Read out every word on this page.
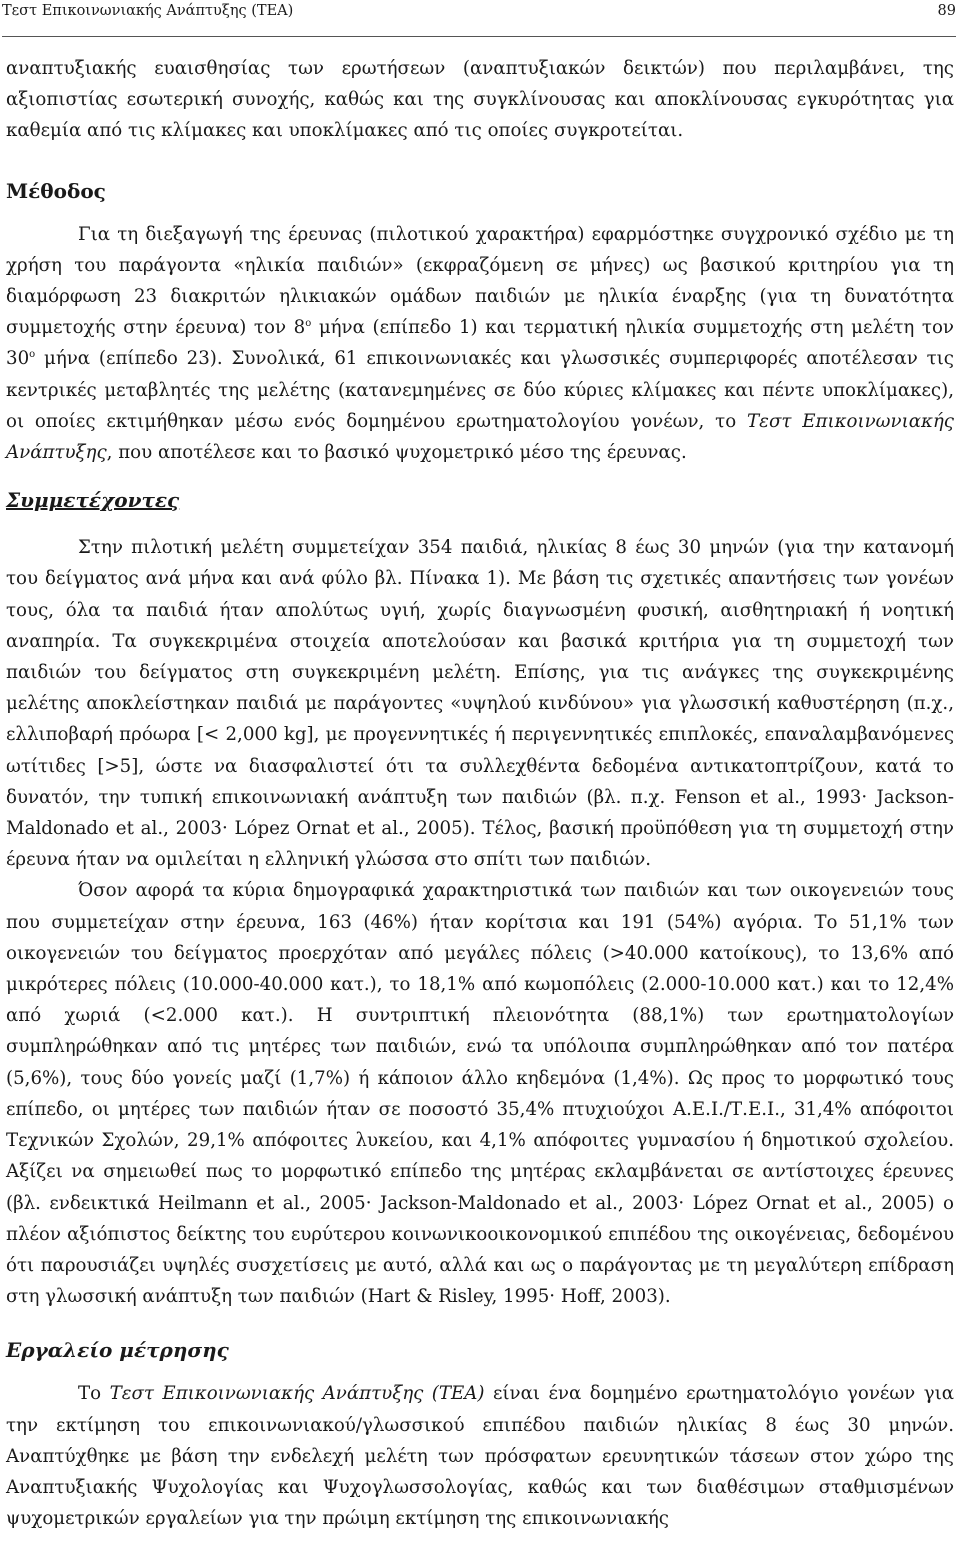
Τεστ Επικοινωνιακής Ανάπτυξης (ΤΕΑ)	89

αναπτυξιακής ευαισθησίας των ερωτήσεων (αναπτυξιακών δεικτών) που περιλαμβάνει, της αξιοπιστίας εσωτερική συνοχής, καθώς και της συγκλίνουσας και αποκλίνουσας εγκυρότητας για καθεμία από τις κλίμακες και υποκλίμακες από τις οποίες συγκροτείται.

Μέθοδος

Για τη διεξαγωγή της έρευνας (πιλοτικού χαρακτήρα) εφαρμόστηκε συγχρονικό σχέδιο με τη χρήση του παράγοντα «ηλικία παιδιών» (εκφραζόμενη σε μήνες) ως βασικού κριτηρίου για τη διαμόρφωση 23 διακριτών ηλικιακών ομάδων παιδιών με ηλικία έναρξης (για τη δυνατότητα συμμετοχής στην έρευνα) τον $8^o$ μήνα (επίπεδο 1) και τερματική ηλικία συμμετοχής στη μελέτη τον $30^o$ μήνα (επίπεδο 23). Συνολικά, 61 επικοινωνιακές και γλωσσικές συμπεριφορές αποτέλεσαν τις κεντρικές μεταβλητές της μελέτης (κατανεμημένες σε δύο κύριες κλίμακες και πέντε υποκλίμακες), οι οποίες εκτιμήθηκαν μέσω ενός δομημένου ερωτηματολογίου γονέων, το Τεστ Επικοινωνιακής Ανάπτυξης, που αποτέλεσε και το βασικό ψυχομετρικό μέσο της έρευνας.

Συμμετέχοντες

Στην πιλοτική μελέτη συμμετείχαν 354 παιδιά, ηλικίας 8 έως 30 μηνών (για την κατανομή του δείγματος ανά μήνα και ανά φύλο βλ. Πίνακα 1). Με βάση τις σχετικές απαντήσεις των γονέων τους, όλα τα παιδιά ήταν απολύτως υγιή, χωρίς διαγνωσμένη φυσική, αισθητηριακή ή νοητική αναπηρία. Τα συγκεκριμένα στοιχεία αποτελούσαν και βασικά κριτήρια για τη συμμετοχή των παιδιών του δείγματος στη συγκεκριμένη μελέτη. Επίσης, για τις ανάγκες της συγκεκριμένης μελέτης αποκλείστηκαν παιδιά με παράγοντες «υψηλού κινδύνου» για γλωσσική καθυστέρηση (π.χ., ελλιποβαρή πρόωρα [< 2,000 kg], με προγεννητικές ή περιγεννητικές επιπλοκές, επαναλαμβανόμενες ωτίτιδες [>5], ώστε να διασφαλιστεί ότι τα συλλεχθέντα δεδομένα αντικατοπτρίζουν, κατά το δυνατόν, την τυπική επικοινωνιακή ανάπτυξη των παιδιών (βλ. π.χ. Fenson et al., 1993· Jackson-Maldonado et al., 2003· López Ornat et al., 2005). Τέλος, βασική προϋπόθεση για τη συμμετοχή στην έρευνα ήταν να ομιλείται η ελληνική γλώσσα στο σπίτι των παιδιών.

Όσον αφορά τα κύρια δημογραφικά χαρακτηριστικά των παιδιών και των οικογενειών τους που συμμετείχαν στην έρευνα, 163 (46%) ήταν κορίτσια και 191 (54%) αγόρια. Το 51,1% των οικογενειών του δείγματος προερχόταν από μεγάλες πόλεις (>40.000 κατοίκους), το 13,6% από μικρότερες πόλεις (10.000-40.000 κατ.), το 18,1% από κωμοπόλεις (2.000-10.000 κατ.) και το 12,4% από χωριά (<2.000 κατ.). Η συντριπτική πλειονότητα (88,1%) των ερωτηματολογίων συμπληρώθηκαν από τις μητέρες των παιδιών, ενώ τα υπόλοιπα συμπληρώθηκαν από τον πατέρα (5,6%), τους δύο γονείς μαζί (1,7%) ή κάποιον άλλο κηδεμόνα (1,4%). Ως προς το μορφωτικό τους επίπεδο, οι μητέρες των παιδιών ήταν σε ποσοστό 35,4% πτυχιούχοι Α.Ε.Ι./Τ.Ε.Ι., 31,4% απόφοιτοι Τεχνικών Σχολών, 29,1% απόφοιτες λυκείου, και 4,1% απόφοιτες γυμνασίου ή δημοτικού σχολείου. Αξίζει να σημειωθεί πως το μορφωτικό επίπεδο της μητέρας εκλαμβάνεται σε αντίστοιχες έρευνες (βλ. ενδεικτικά Heilmann et al., 2005· Jackson-Maldonado et al., 2003· López Ornat et al., 2005) ο πλέον αξιόπιστος δείκτης του ευρύτερου κοινωνικοοικονομικού επιπέδου της οικογένειας, δεδομένου ότι παρουσιάζει υψηλές συσχετίσεις με αυτό, αλλά και ως ο παράγοντας με τη μεγαλύτερη επίδραση στη γλωσσική ανάπτυξη των παιδιών (Hart & Risley, 1995· Hoff, 2003).

Εργαλείο μέτρησης

Το Τεστ Επικοινωνιακής Ανάπτυξης (ΤΕΑ) είναι ένα δομημένο ερωτηματολόγιο γονέων για την εκτίμηση του επικοινωνιακού/γλωσσικού επιπέδου παιδιών ηλικίας 8 έως 30 μηνών. Αναπτύχθηκε με βάση την ενδελεχή μελέτη των πρόσφατων ερευνητικών τάσεων στον χώρο της Αναπτυξιακής Ψυχολογίας και Ψυχογλωσσολογίας, καθώς και των διαθέσιμων σταθμισμένων ψυχομετρικών εργαλείων για την πρώιμη εκτίμηση της επικοινωνιακής
